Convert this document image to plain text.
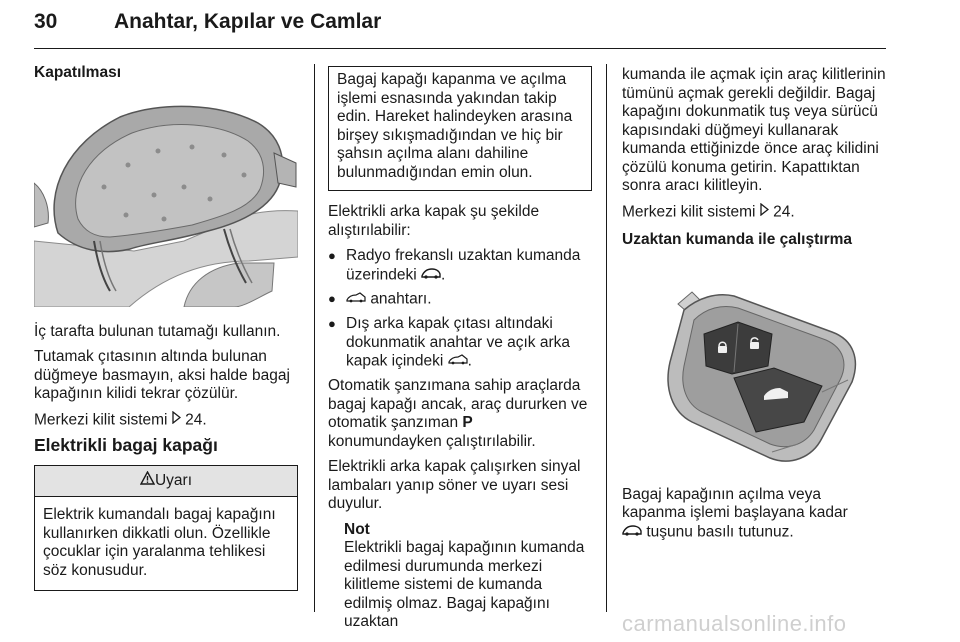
30	Anahtar, Kapılar ve Camlar
Kapatılması

İç tarafta bulunan tutamağı kullanın.

Tutamak çıtasının altında bulunan düğmeye basmayın, aksi halde bagaj kapağının kilidi tekrar çözülür.

Merkezi kilit sistemi 24.

Elektrikli bagaj kapağı
Uyarı
Elektrik kumandalı bagaj kapağını kullanırken dikkatli olun. Özellikle çocuklar için yaralanma tehlikesi söz konusudur.
Bagaj kapağı kapanma ve açılma işlemi esnasında yakından takip edin. Hareket halindeyken arasına birşey sıkışmadığından ve hiç bir şahsın açılma alanı dahiline bulunmadığından emin olun.

Elektrikli arka kapak şu şekilde alıştırılabilir:

● Radyo frekanslı uzaktan kumanda üzerindeki .
● anahtarı.
● Dış arka kapak çıtası altındaki dokunmatik anahtar ve açık arka kapak içindeki .

Otomatik şanzımana sahip araçlarda bagaj kapağı ancak, araç dururken ve otomatik şanzıman P
konumundayken çalıştırılabilir.

Elektrikli arka kapak çalışırken sinyal lambaları yanıp söner ve uyarı sesi duyulur.

Not
Elektrikli bagaj kapağının kumanda edilmesi durumunda merkezi kilitleme sistemi de kumanda edilmiş olmaz. Bagaj kapağını uzaktan

kumanda ile açmak için araç kilitlerinin tümünü açmak gerekli değildir. Bagaj kapağını dokunmatik tuş veya sürücü kapısındaki düğmeyi kullanarak kumanda ettiğinizde önce araç kilidini çözülü konuma getirin. Kapattıktan sonra aracı kilitleyin.

Merkezi kilit sistemi 24.

Uzaktan kumanda ile çalıştırma

Bagaj kapağının açılma veya kapanma işlemi başlayana kadar
tuşunu basılı tutunuz.

carmanualsonline.info
